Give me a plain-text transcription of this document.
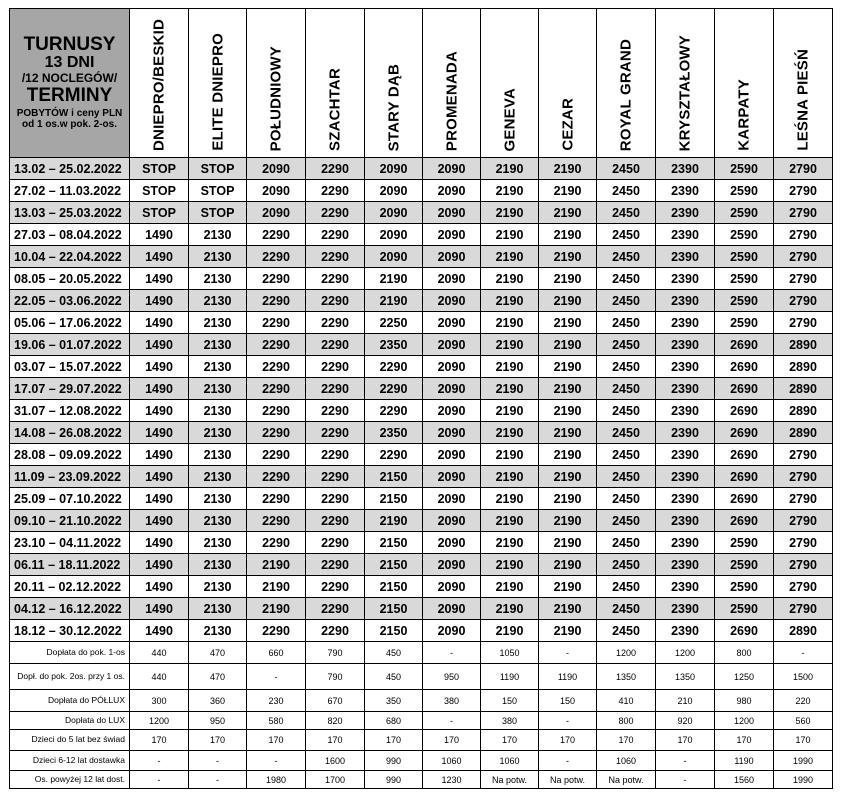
TURNUSY
13 DNI
/12 NOCLEGÓW/
TERMINY
POBYTÓW i ceny PLN od 1 os.w pok. 2-os.	DNIEPRO/BESKID	ELITE DNIEPRO	POŁUDNIOWY	SZACHTAR	STARY DĄB	PROMENADA	GENEVA	CEZAR	ROYAL GRAND	KRYSZTAŁOWY	KARPATY	LEŚNA PIEŚŃ

13.02 – 25.02.2022	STOP	STOP	2090	2290	2090	2090	2190	2190	2450	2390	2590	2790
27.02 – 11.03.2022	STOP	STOP	2090	2290	2090	2090	2190	2190	2450	2390	2590	2790
13.03 – 25.03.2022	STOP	STOP	2090	2290	2090	2090	2190	2190	2450	2390	2590	2790
27.03 – 08.04.2022	1490	2130	2290	2290	2090	2090	2190	2190	2450	2390	2590	2790
10.04 – 22.04.2022	1490	2130	2290	2290	2090	2090	2190	2190	2450	2390	2590	2790
08.05 – 20.05.2022	1490	2130	2290	2290	2190	2090	2190	2190	2450	2390	2590	2790
22.05 – 03.06.2022	1490	2130	2290	2290	2190	2090	2190	2190	2450	2390	2590	2790
05.06 – 17.06.2022	1490	2130	2290	2290	2250	2090	2190	2190	2450	2390	2590	2790
19.06 – 01.07.2022	1490	2130	2290	2290	2350	2090	2190	2190	2450	2390	2690	2890
03.07 – 15.07.2022	1490	2130	2290	2290	2290	2090	2190	2190	2450	2390	2690	2890
17.07 – 29.07.2022	1490	2130	2290	2290	2290	2090	2190	2190	2450	2390	2690	2890
31.07 – 12.08.2022	1490	2130	2290	2290	2290	2090	2190	2190	2450	2390	2690	2890
14.08 – 26.08.2022	1490	2130	2290	2290	2350	2090	2190	2190	2450	2390	2690	2890
28.08 – 09.09.2022	1490	2130	2290	2290	2290	2090	2190	2190	2450	2390	2690	2790
11.09 – 23.09.2022	1490	2130	2290	2290	2150	2090	2190	2190	2450	2390	2690	2790
25.09 – 07.10.2022	1490	2130	2290	2290	2150	2090	2190	2190	2450	2390	2690	2790
09.10 – 21.10.2022	1490	2130	2290	2290	2190	2090	2190	2190	2450	2390	2690	2790
23.10 – 04.11.2022	1490	2130	2290	2290	2150	2090	2190	2190	2450	2390	2590	2790
06.11 – 18.11.2022	1490	2130	2190	2290	2150	2090	2190	2190	2450	2390	2590	2790
20.11 – 02.12.2022	1490	2130	2190	2290	2150	2090	2190	2190	2450	2390	2590	2790
04.12 – 16.12.2022	1490	2130	2190	2290	2150	2090	2190	2190	2450	2390	2590	2790
18.12 – 30.12.2022	1490	2130	2290	2290	2150	2090	2190	2190	2450	2390	2690	2890
Dopłata do pok. 1-os	440	470	660	790	450	-	1050	-	1200	1200	800	-
Dopł. do pok. 2os. przy 1 os.	440	470	-	790	450	950	1190	1190	1350	1350	1250	1500
Dopłata do PÓŁLUX	300	360	230	670	350	380	150	150	410	210	980	220
Dopłata do LUX	1200	950	580	820	680	-	380	-	800	920	1200	560
Dzieci do 5 lat bez świad	170	170	170	170	170	170	170	170	170	170	170	170
Dzieci 6-12 lat dostawka	-	-	-	1600	990	1060	1060	-	1060	-	1190	1990
Os. powyżej 12 lat dost.	-	-	1980	1700	990	1230	Na potw.	Na potw.	Na potw.	-	1560	1990
